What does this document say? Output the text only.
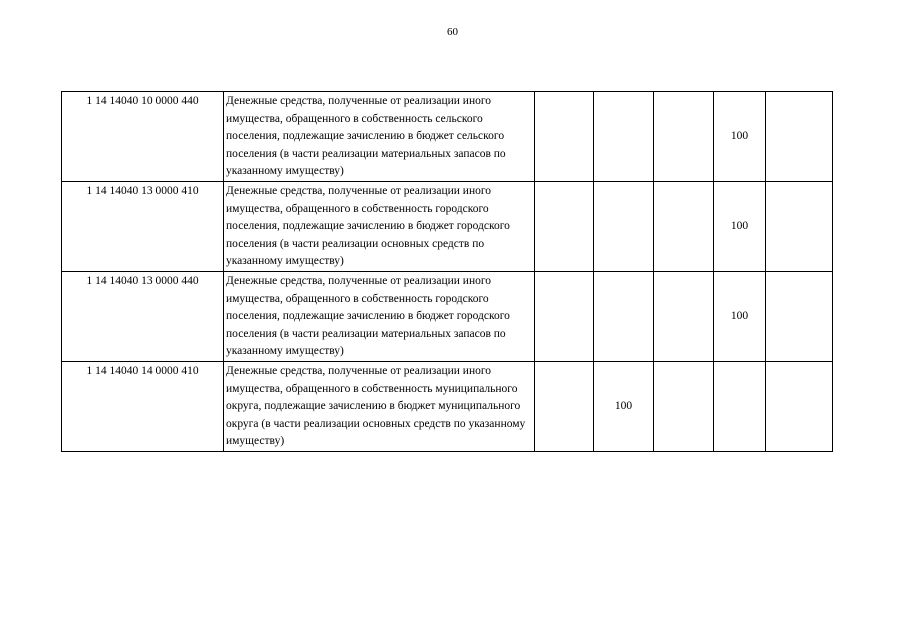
60
1 14 14040 10 0000 440	Денежные средства, полученные от реализации иного имущества, обращенного в собственность сельского поселения, подлежащие зачислению в бюджет сельского поселения (в части реализации материальных запасов по указанному имуществу)				100	
1 14 14040 13 0000 410	Денежные средства, полученные от реализации иного имущества, обращенного в собственность городского поселения, подлежащие зачислению в бюджет городского поселения (в части реализации основных средств по указанному имуществу)				100	
1 14 14040 13 0000 440	Денежные средства, полученные от реализации иного имущества, обращенного в собственность городского поселения, подлежащие зачислению в бюджет городского поселения (в части реализации материальных запасов по указанному имуществу)				100	
1 14 14040 14 0000 410	Денежные средства, полученные от реализации иного имущества, обращенного в собственность муниципального округа, подлежащие зачислению в бюджет муниципального округа (в части реализации основных средств по указанному имуществу)		100			
